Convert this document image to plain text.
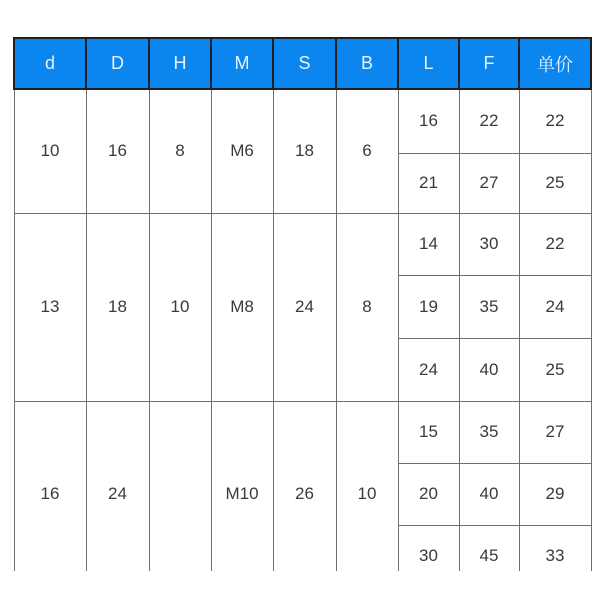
d	D	H	M	S	B	L	F	单价
10	16	8	M6	18	6	16	22	22
						21	27	25
13	18	10	M8	24	8	14	30	22
						19	35	24
						24	40	25
16	24		M10	26	10	15	35	27
						20	40	29
						30	45	33
